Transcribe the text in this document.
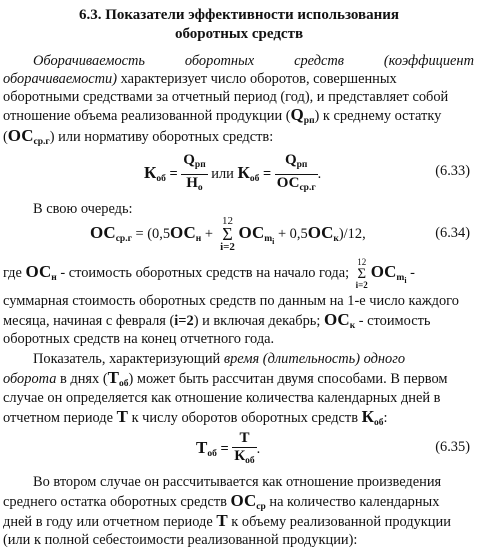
6.3. Показатели эффективности использования
оборотных средств
Оборачиваемость	оборотных	средств	(коэффициент
оборачиваемости) характеризует число оборотов, совершенных
оборотными средствами за отчетный период (год), и представляет собой
отношение объема реализованной продукции $(Q_{рп})$ к среднему остатку
$(ОС_{ср.г})$ или нормативу оборотных средств:
$К_{об} = \frac{Q_{рп}}{Н_о}$ или $К_{об} = \frac{Q_{рп}}{ОС_{ср.г}}$ .	(6.33)
В свою очередь:
$ОС_{ср.г} = (0,5ОС_н$ +
12
Σ
i=2
$ОС_{m_i} + 0,5ОС_к)/12$,	(6.34)
где $ОС_н$ - стоимость оборотных средств на начало года;
12
Σ
i=2
$ОС_{m_i}$ -
суммарная стоимость оборотных средств по данным на 1-е число каждого
месяца, начиная с февраля (i=2) и включая декабрь; $ОС_к$ - стоимость
оборотных средств на конец отчетного года.
Показатель, характеризующий время (длительность) одного
оборота в днях $(Т_{об})$ может быть рассчитан двумя способами. В первом
случае он определяется как отношение количества календарных дней в
отчетном периоде Т к числу оборотов оборотных средств $К_{об}$:
$Т_{об} = \frac{Т}{К_{об}}$ .	(6.35)
Во втором случае он рассчитывается как отношение произведения
среднего остатка оборотных средств $ОС_{ср}$ на количество календарных
дней в году или отчетном периоде Т к объему реализованной продукции
(или к полной себестоимости реализованной продукции):
